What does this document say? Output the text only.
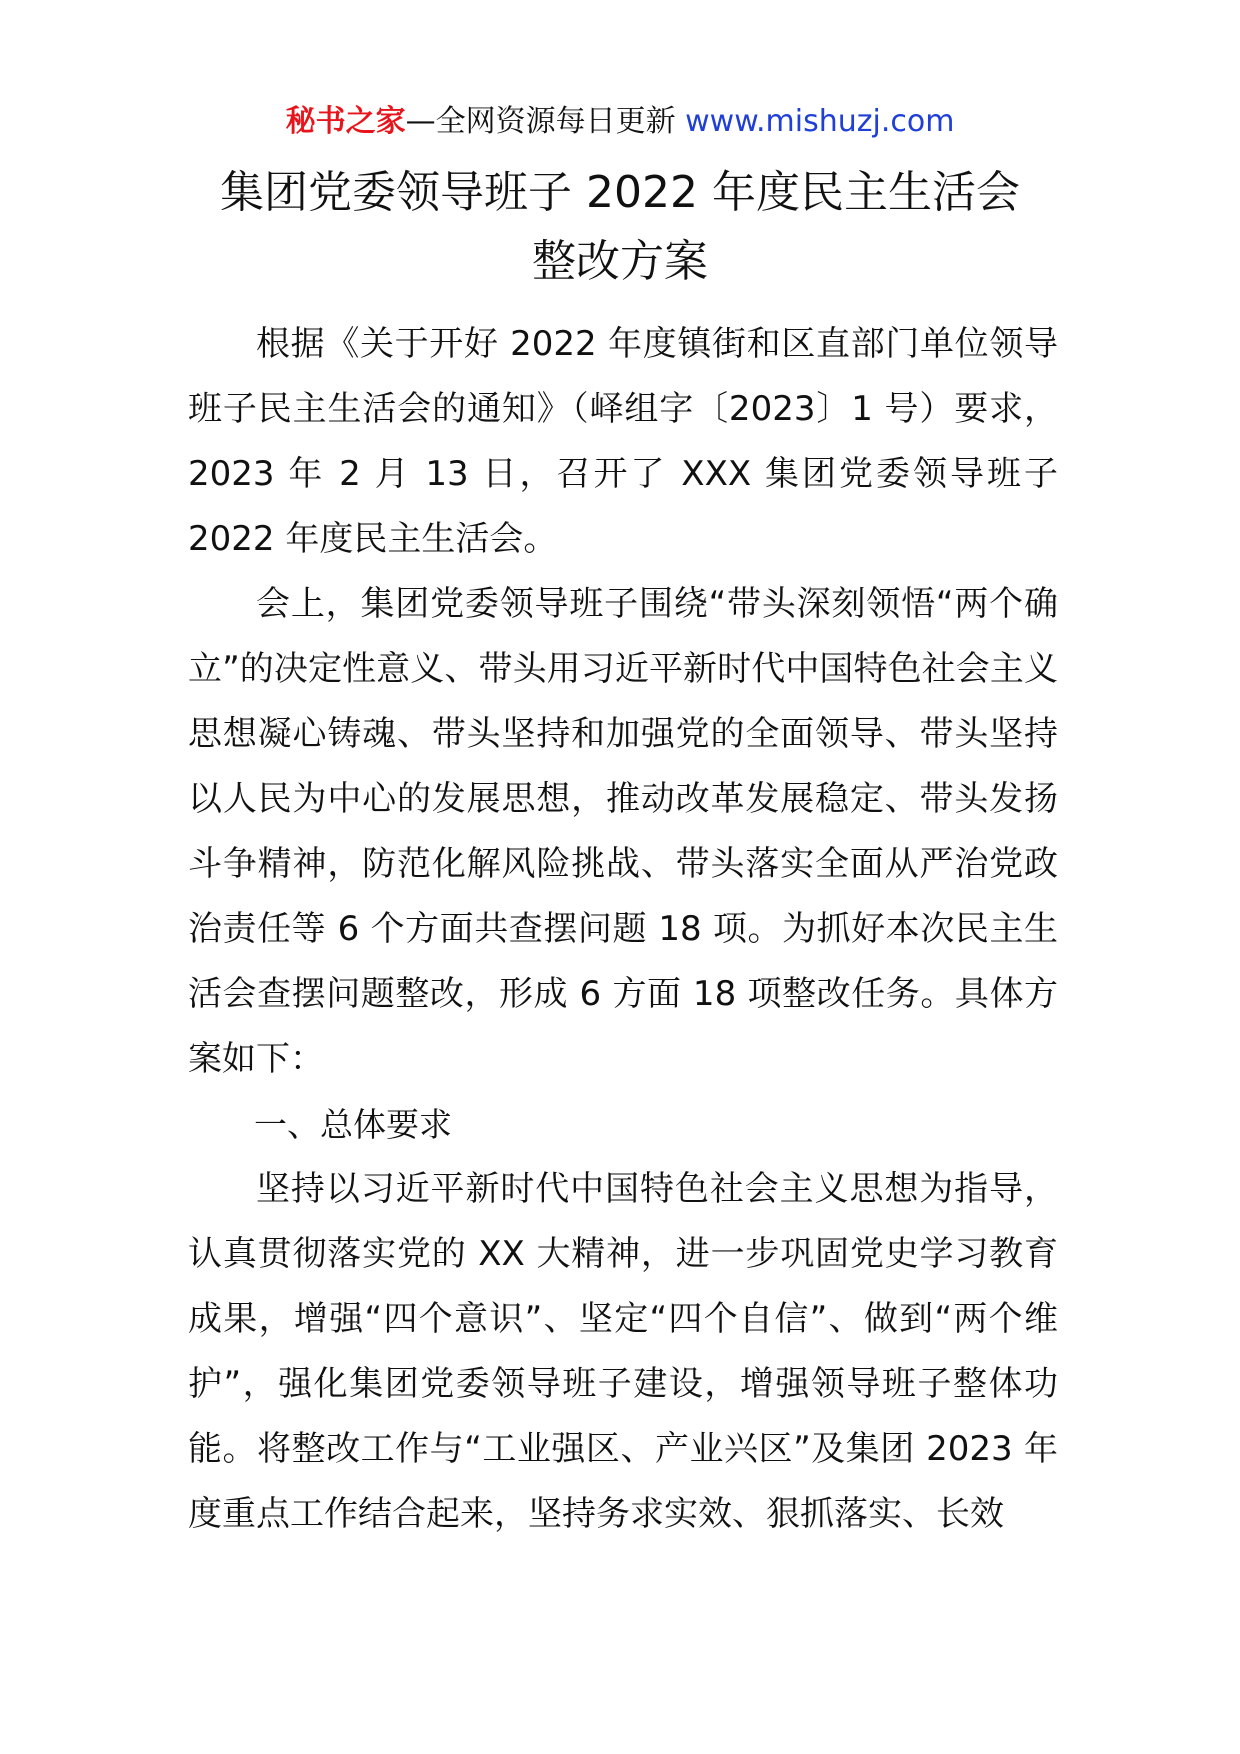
秘书之家—全网资源每日更新 www.mishuzj.com
集团党委领导班子 2022 年度民主生活会
整改方案

根据《关于开好 2022 年度镇街和区直部门单位领导班子民主生活会的通知》（峄组字〔2023〕1 号）要求，2023 年 2 月 13 日，召开了 XXX 集团党委领导班子 2022 年度民主生活会。

会上，集团党委领导班子围绕“带头深刻领悟“两个确立”的决定性意义、带头用习近平新时代中国特色社会主义思想凝心铸魂、带头坚持和加强党的全面领导、带头坚持以人民为中心的发展思想，推动改革发展稳定、带头发扬斗争精神，防范化解风险挑战、带头落实全面从严治党政治责任等 6 个方面共查摆问题 18 项。为抓好本次民主生活会查摆问题整改，形成 6 方面 18 项整改任务。具体方案如下：

一、总体要求

坚持以习近平新时代中国特色社会主义思想为指导，认真贯彻落实党的 XX 大精神，进一步巩固党史学习教育成果，增强“四个意识”、坚定“四个自信”、做到“两个维护”，强化集团党委领导班子建设，增强领导班子整体功能。将整改工作与“工业强区、产业兴区”及集团 2023 年度重点工作结合起来，坚持务求实效、狠抓落实、长效
